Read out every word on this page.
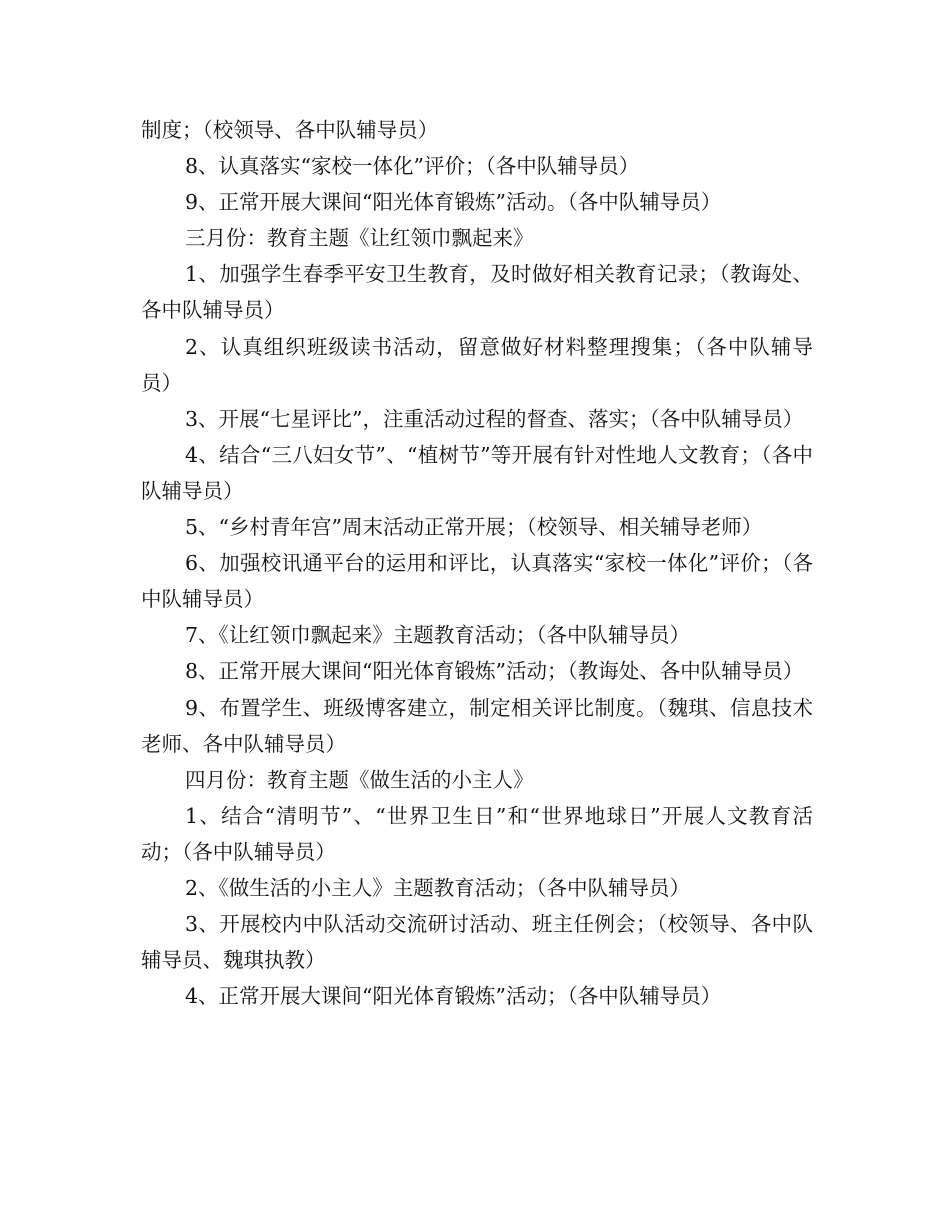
制度；（校领导、各中队辅导员）

8、认真落实“家校一体化”评价；（各中队辅导员）

9、正常开展大课间“阳光体育锻炼”活动。（各中队辅导员）

三月份：教育主题《让红领巾飘起来》

1、加强学生春季平安卫生教育，及时做好相关教育记录；（教诲处、各中队辅导员）

2、认真组织班级读书活动，留意做好材料整理搜集；（各中队辅导员）

3、开展“七星评比”，注重活动过程的督查、落实；（各中队辅导员）

4、结合“三八妇女节”、“植树节”等开展有针对性地人文教育；（各中队辅导员）

5、“乡村青年宫”周末活动正常开展；（校领导、相关辅导老师）

6、加强校讯通平台的运用和评比，认真落实“家校一体化”评价；（各中队辅导员）

7、《让红领巾飘起来》主题教育活动；（各中队辅导员）

8、正常开展大课间“阳光体育锻炼”活动；（教诲处、各中队辅导员）

9、布置学生、班级博客建立，制定相关评比制度。（魏琪、信息技术老师、各中队辅导员）

四月份：教育主题《做生活的小主人》

1、结合“清明节”、“世界卫生日”和“世界地球日”开展人文教育活动；（各中队辅导员）

2、《做生活的小主人》主题教育活动；（各中队辅导员）

3、开展校内中队活动交流研讨活动、班主任例会；（校领导、各中队辅导员、魏琪执教）

4、正常开展大课间“阳光体育锻炼”活动；（各中队辅导员）
